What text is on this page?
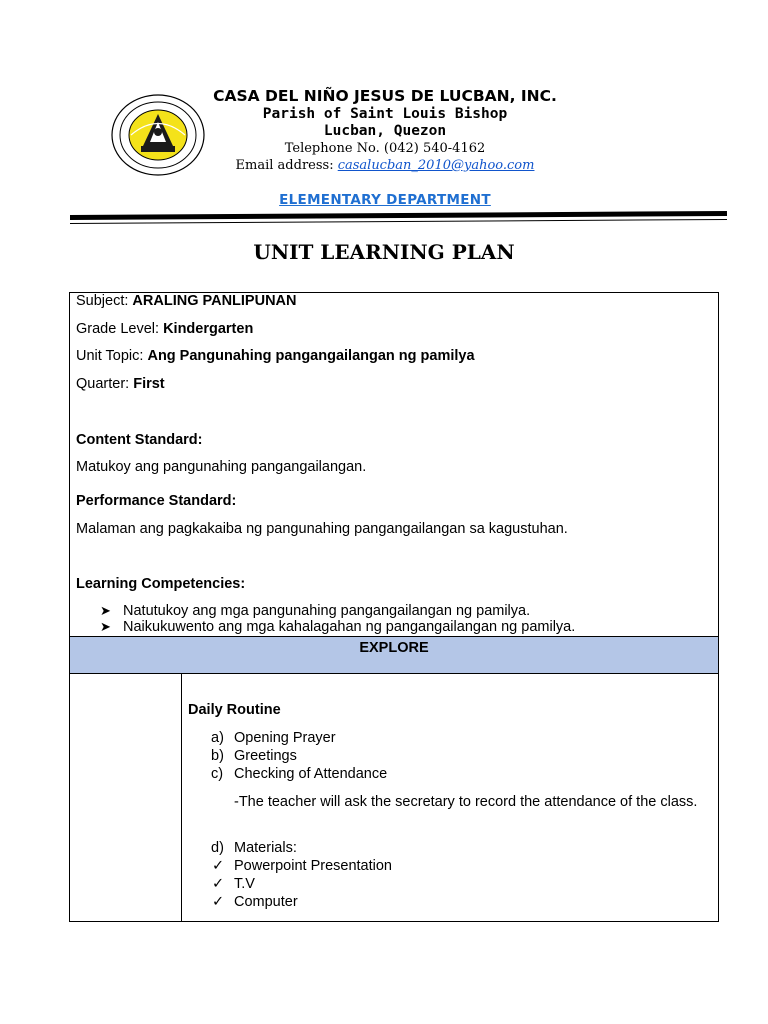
CASA DEL NIÑO JESUS DE LUCBAN, INC.
Parish of Saint Louis Bishop
Lucban, Quezon
Telephone No. (042) 540-4162
Email address: casalucban_2010@yahoo.com
ELEMENTARY DEPARTMENT
UNIT LEARNING PLAN
Subject: ARALING PANLIPUNAN
Grade Level: Kindergarten
Unit Topic: Ang Pangunahing pangangailangan ng pamilya
Quarter: First
Content Standard:
Matukoy ang pangunahing pangangailangan.
Performance Standard:
Malaman ang pagkakaiba ng pangunahing pangangailangan sa kagustuhan.
Learning Competencies:
➤ Natutukoy ang mga pangunahing pangangailangan ng pamilya.
➤ Naikukuwento ang mga kahalagahan ng pangangailangan ng pamilya.
EXPLORE
Daily Routine
a) Opening Prayer
b) Greetings
c) Checking of Attendance
-The teacher will ask the secretary to record the attendance of the class.
d) Materials:
✓ Powerpoint Presentation
✓ T.V
✓ Computer
